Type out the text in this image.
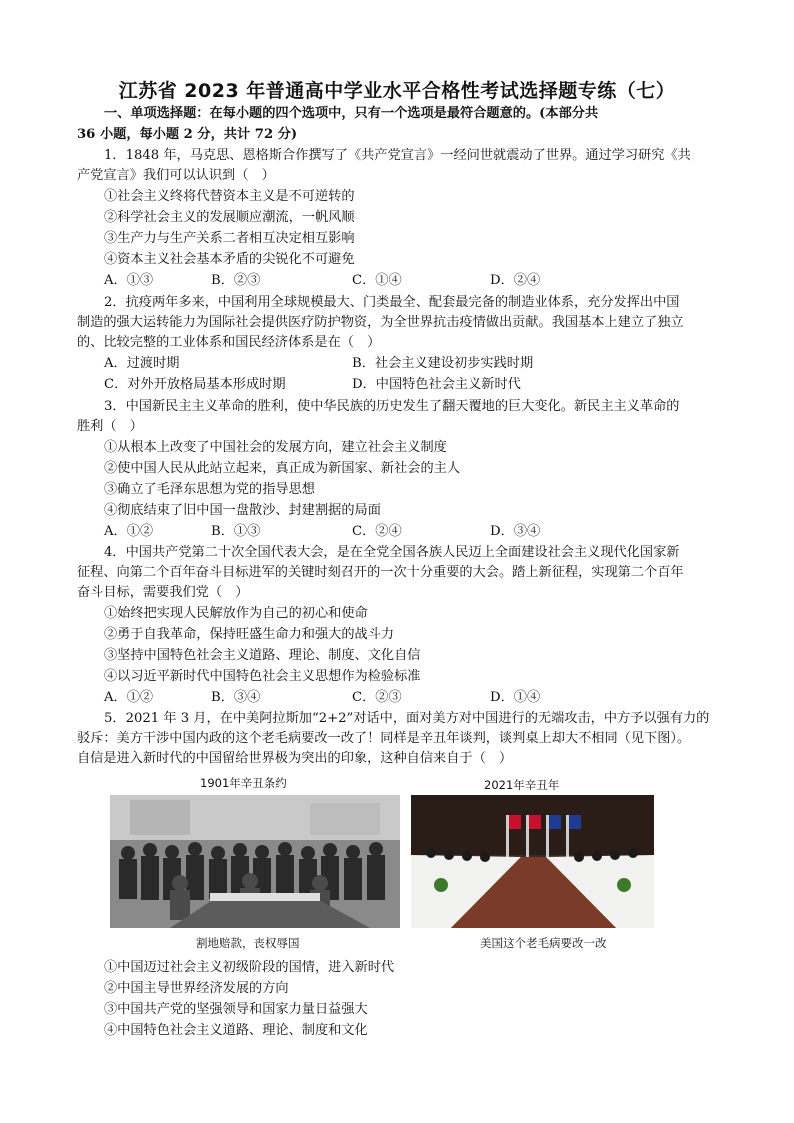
江苏省 2023 年普通高中学业水平合格性考试选择题专练（七）
一、单项选择题：在每小题的四个选项中，只有一个选项是最符合题意的。(本部分共
36 小题，每小题 2 分，共计 72 分)
1．1848 年，马克思、恩格斯合作撰写了《共产党宣言》一经问世就震动了世界。通过学习研究《共
产党宣言》我们可以认识到（　）
①社会主义终将代替资本主义是不可逆转的
②科学社会主义的发展顺应潮流，一帆风顺
③生产力与生产关系二者相互决定相互影响
④资本主义社会基本矛盾的尖锐化不可避免
A．①③	B．②③	C．①④	D．②④
2．抗疫两年多来，中国利用全球规模最大、门类最全、配套最完备的制造业体系，充分发挥出中国
制造的强大运转能力为国际社会提供医疗防护物资，为全世界抗击疫情做出贡献。我国基本上建立了独立
的、比较完整的工业体系和国民经济体系是在（　）
A．过渡时期	B．社会主义建设初步实践时期
C．对外开放格局基本形成时期	D．中国特色社会主义新时代
3．中国新民主主义革命的胜利，使中华民族的历史发生了翻天覆地的巨大变化。新民主主义革命的
胜利（　）
①从根本上改变了中国社会的发展方向，建立社会主义制度
②使中国人民从此站立起来，真正成为新国家、新社会的主人
③确立了毛泽东思想为党的指导思想
④彻底结束了旧中国一盘散沙、封建割据的局面
A．①②	B．①③	C．②④	D．③④
4．中国共产党第二十次全国代表大会，是在全党全国各族人民迈上全面建设社会主义现代化国家新
征程、向第二个百年奋斗目标进军的关键时刻召开的一次十分重要的大会。踏上新征程，实现第二个百年
奋斗目标，需要我们党（　）
①始终把实现人民解放作为自己的初心和使命
②勇于自我革命，保持旺盛生命力和强大的战斗力
③坚持中国特色社会主义道路、理论、制度、文化自信
④以习近平新时代中国特色社会主义思想作为检验标准
A．①②	B．③④	C．②③	D．①④
5．2021 年 3 月，在中美阿拉斯加“2+2”对话中，面对美方对中国进行的无端攻击，中方予以强有力的
驳斥：美方干涉中国内政的这个老毛病要改一改了！同样是辛丑年谈判，谈判桌上却大不相同（见下图）。
自信是进入新时代的中国留给世界极为突出的印象，这种自信来自于（　）
1901年辛丑条约	2021年辛丑年
割地赔款，丧权辱国	美国这个老毛病要改一改
①中国迈过社会主义初级阶段的国情，进入新时代
②中国主导世界经济发展的方向
③中国共产党的坚强领导和国家力量日益强大
④中国特色社会主义道路、理论、制度和文化
